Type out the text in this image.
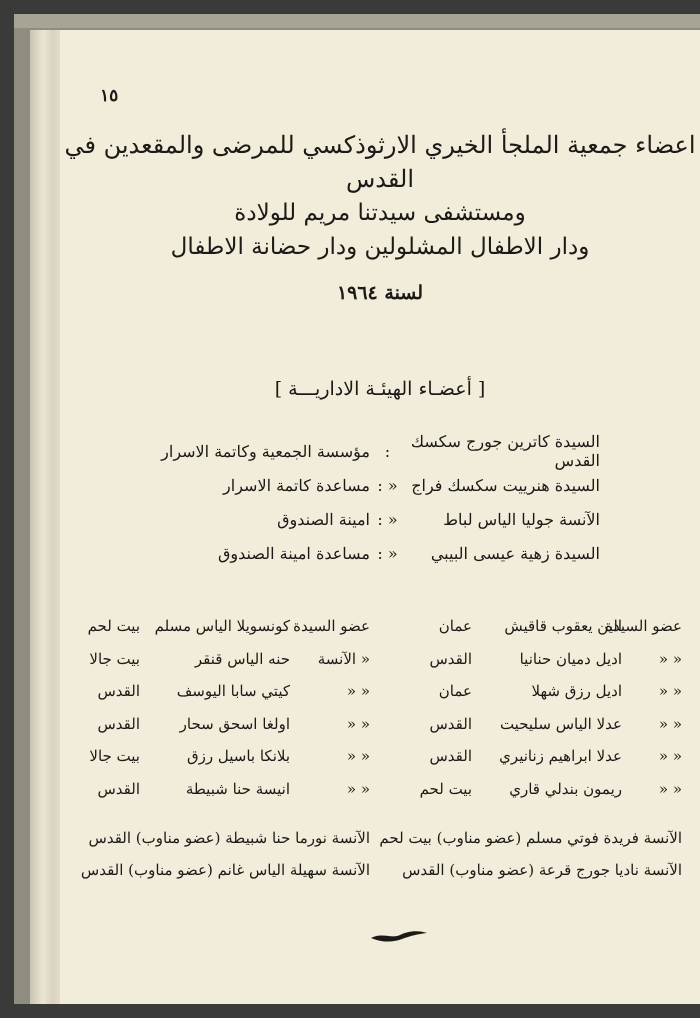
١٥
اعضاء جمعية الملجأ الخيري الارثوذكسي للمرضى والمقعدين في القدس
ومستشفى سيدتنا مريم للولادة
ودار الاطفال المشلولين ودار حضانة الاطفال
لسنة ١٩٦٤
[ أعضـاء الهيئـة الاداريـــة ]
السيدة كاترين جورج سكسك القدس
:
مؤسسة الجمعية وكاتمة الاسرار
السيدة هنرييت سكسك فراج
« :
مساعدة كاتمة الاسرار
الآنسة جوليا الياس لباط
« :
امينة الصندوق
السيدة زهية عيسى البيبي
« :
مساعدة امينة الصندوق
عضو السيدة
الين يعقوب قاقيش
عمان
« «
اديل دميان حنانيا
القدس
« «
اديل رزق شهلا
عمان
« «
عدلا الياس سليحيت
القدس
« «
عدلا ابراهيم زنانيري
القدس
« «
ريمون بندلي قاري
بيت لحم
عضو السيدة
كونسويلا الياس مسلم
بيت لحم
« الآنسة
حنه الياس قنقر
بيت جالا
« «
كيتي سابا اليوسف
القدس
« «
اولغا اسحق سحار
القدس
« «
بلانكا باسيل رزق
بيت جالا
« «
انيسة حنا شبيطة
القدس
الآنسة فريدة فوتي مسلم (عضو مناوب) بيت لحم
الآنسة ناديا جورج قرعة (عضو مناوب) القدس
الآنسة نورما حنا شبيطة (عضو مناوب) القدس
الآنسة سهيلة الياس غانم (عضو مناوب) القدس
